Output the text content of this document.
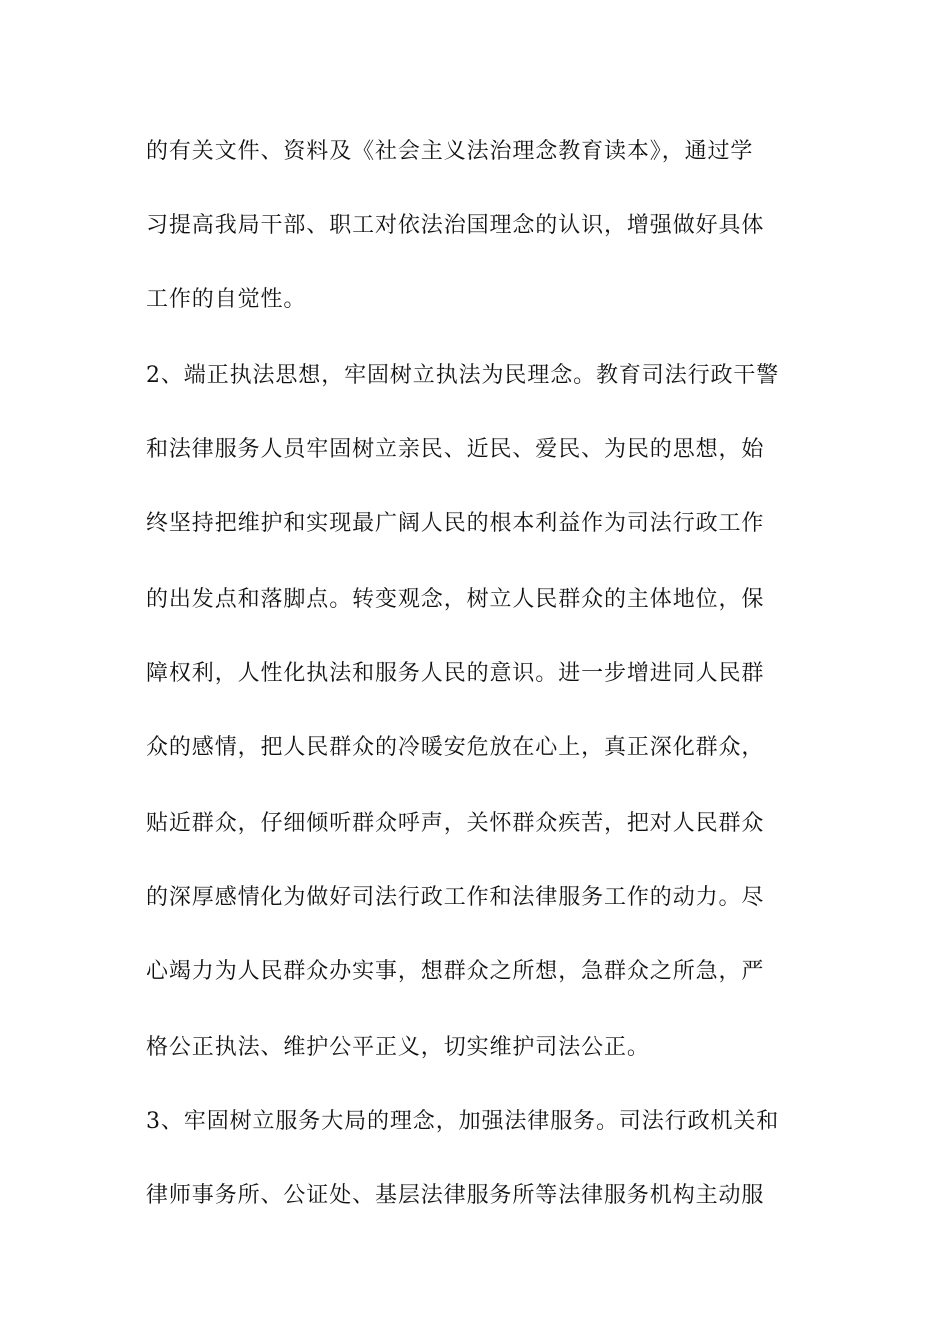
的有关文件、资料及《社会主义法治理念教育读本》，通过学
习提高我局干部、职工对依法治国理念的认识，增强做好具体
工作的自觉性。
2、端正执法思想，牢固树立执法为民理念。教育司法行政干警
和法律服务人员牢固树立亲民、近民、爱民、为民的思想，始
终坚持把维护和实现最广阔人民的根本利益作为司法行政工作
的出发点和落脚点。转变观念，树立人民群众的主体地位，保
障权利，人性化执法和服务人民的意识。进一步增进同人民群
众的感情，把人民群众的冷暖安危放在心上，真正深化群众，
贴近群众，仔细倾听群众呼声，关怀群众疾苦，把对人民群众
的深厚感情化为做好司法行政工作和法律服务工作的动力。尽
心竭力为人民群众办实事，想群众之所想，急群众之所急，严
格公正执法、维护公平正义，切实维护司法公正。
3、牢固树立服务大局的理念，加强法律服务。司法行政机关和
律师事务所、公证处、基层法律服务所等法律服务机构主动服
